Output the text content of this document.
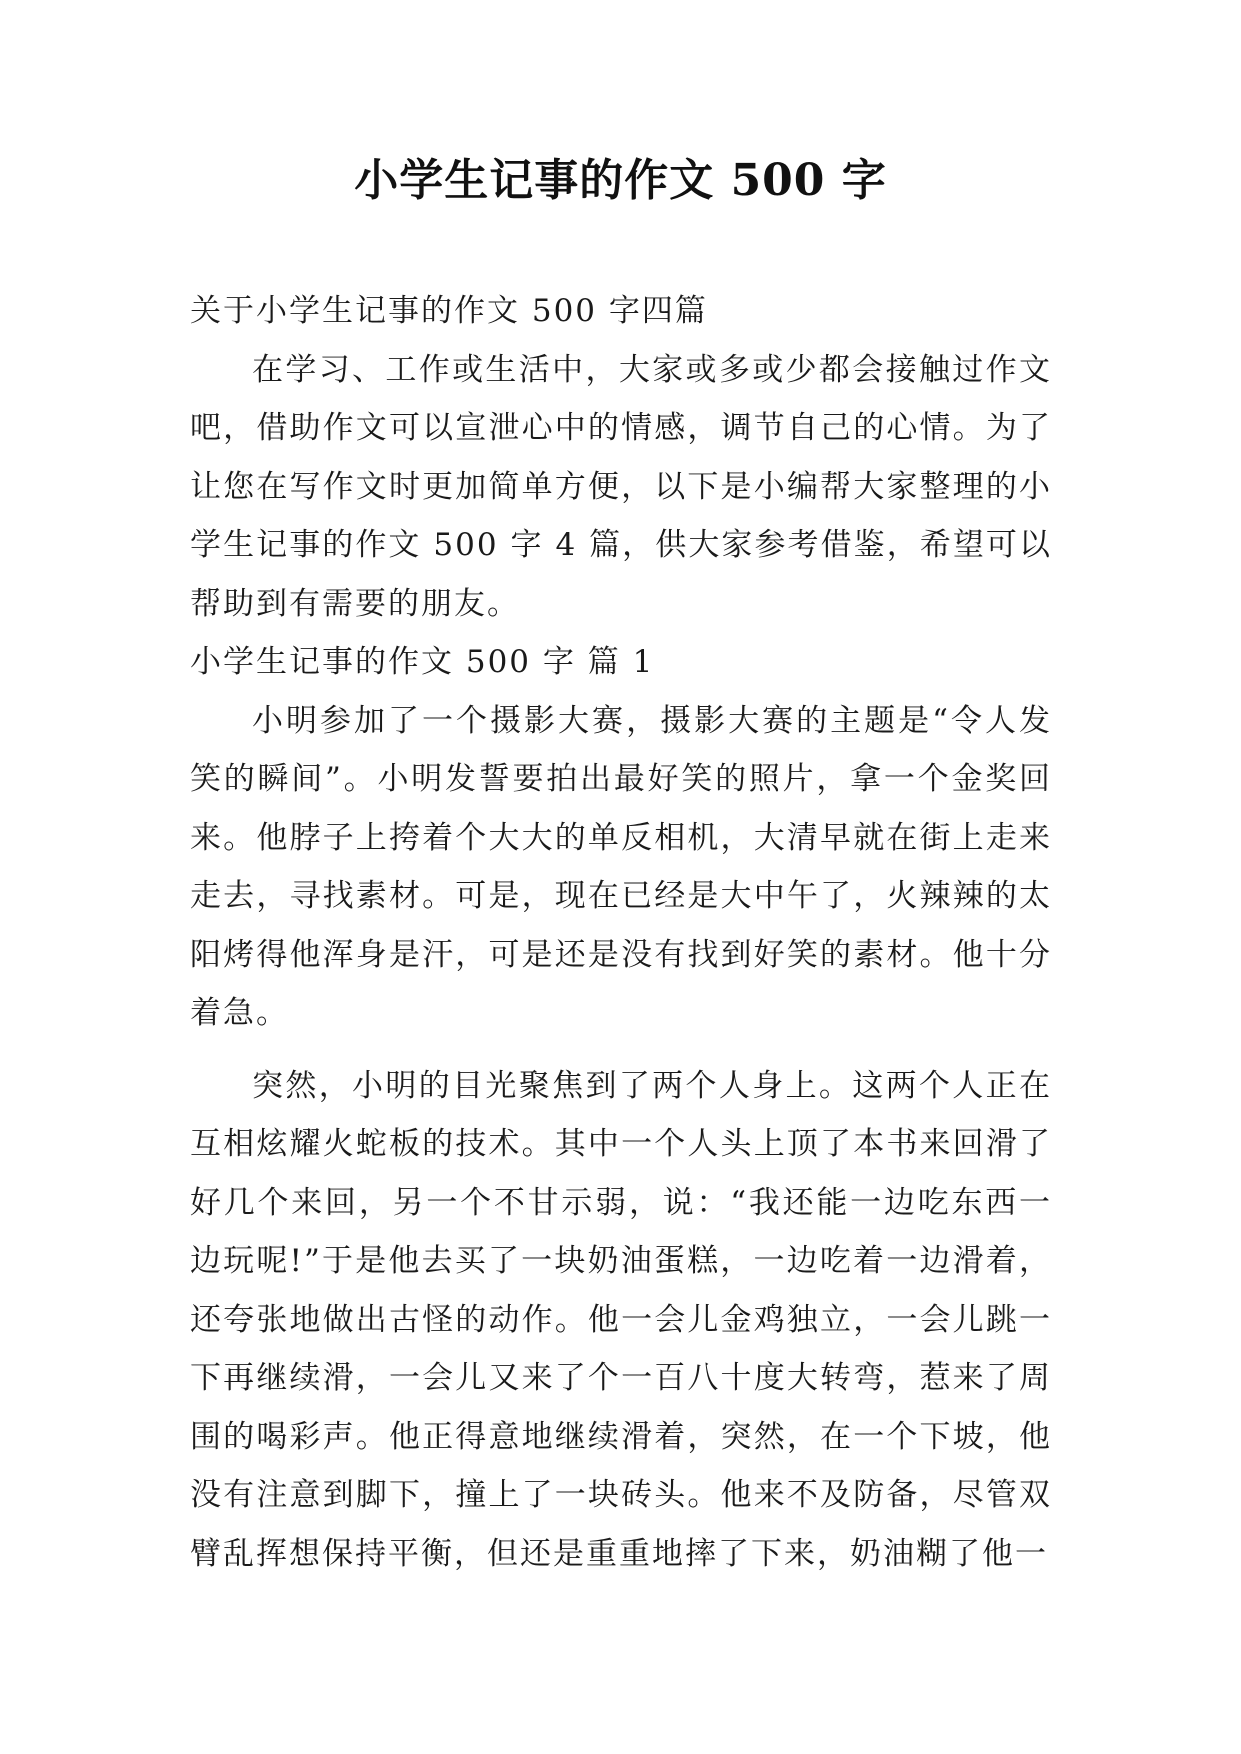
小学生记事的作文 500 字

关于小学生记事的作文 500 字四篇

在学习、工作或生活中，大家或多或少都会接触过作文吧，借助作文可以宣泄心中的情感，调节自己的心情。为了让您在写作文时更加简单方便，以下是小编帮大家整理的小学生记事的作文 500 字 4 篇，供大家参考借鉴，希望可以帮助到有需要的朋友。

小学生记事的作文 500 字 篇 1

小明参加了一个摄影大赛，摄影大赛的主题是“令人发笑的瞬间”。小明发誓要拍出最好笑的照片，拿一个金奖回来。他脖子上挎着个大大的单反相机，大清早就在街上走来走去，寻找素材。可是，现在已经是大中午了，火辣辣的太阳烤得他浑身是汗，可是还是没有找到好笑的素材。他十分着急。

突然，小明的目光聚焦到了两个人身上。这两个人正在互相炫耀火蛇板的技术。其中一个人头上顶了本书来回滑了好几个来回，另一个不甘示弱，说：“我还能一边吃东西一边玩呢!”于是他去买了一块奶油蛋糕，一边吃着一边滑着，还夸张地做出古怪的动作。他一会儿金鸡独立，一会儿跳一下再继续滑，一会儿又来了个一百八十度大转弯，惹来了周围的喝彩声。他正得意地继续滑着，突然，在一个下坡，他没有注意到脚下，撞上了一块砖头。他来不及防备，尽管双臂乱挥想保持平衡，但还是重重地摔了下来，奶油糊了他一
